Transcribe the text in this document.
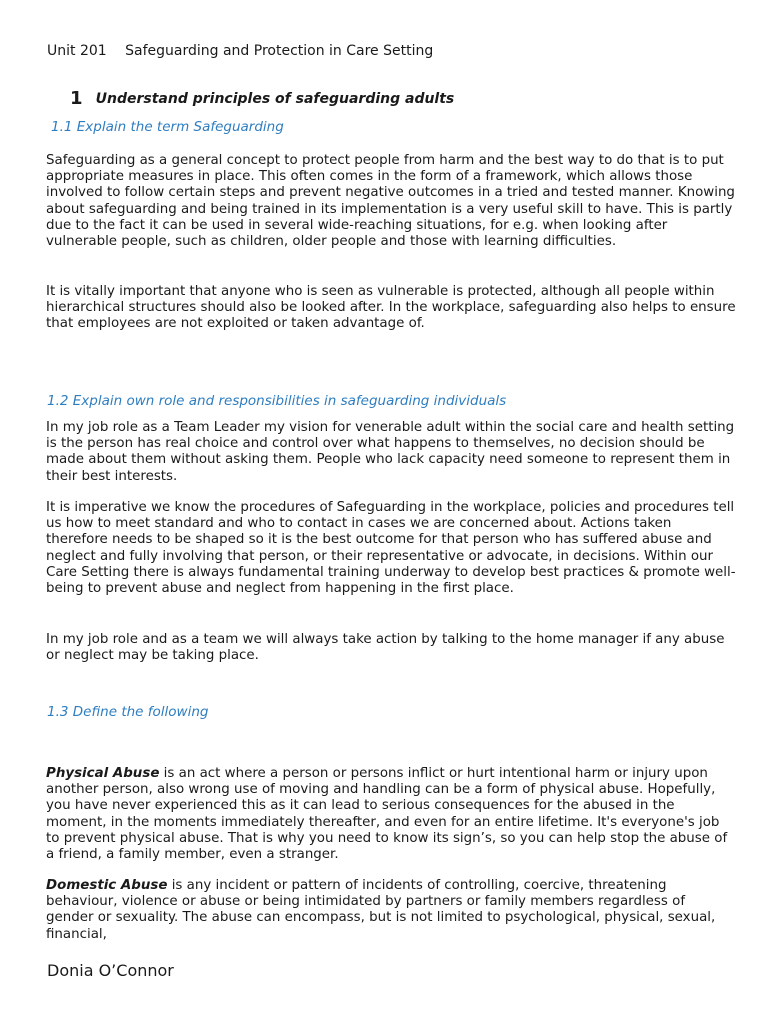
Unit 201 Safeguarding and Protection in Care Setting
1 Understand principles of safeguarding adults
1.1 Explain the term Safeguarding

Safeguarding as a general concept to protect people from harm and the best way to do that is to put appropriate measures in place. This often comes in the form of a framework, which allows those involved to follow certain steps and prevent negative outcomes in a tried and tested manner. Knowing about safeguarding and being trained in its implementation is a very useful skill to have. This is partly due to the fact it can be used in several wide-reaching situations, for e.g. when looking after vulnerable people, such as children, older people and those with learning difficulties.

It is vitally important that anyone who is seen as vulnerable is protected, although all people within hierarchical structures should also be looked after. In the workplace, safeguarding also helps to ensure that employees are not exploited or taken advantage of.

1.2 Explain own role and responsibilities in safeguarding individuals

In my job role as a Team Leader my vision for venerable adult within the social care and health setting is the person has real choice and control over what happens to themselves, no decision should be made about them without asking them. People who lack capacity need someone to represent them in their best interests.

It is imperative we know the procedures of Safeguarding in the workplace, policies and procedures tell us how to meet standard and who to contact in cases we are concerned about. Actions taken therefore needs to be shaped so it is the best outcome for that person who has suffered abuse and neglect and fully involving that person, or their representative or advocate, in decisions. Within our Care Setting there is always fundamental training underway to develop best practices & promote well-being to prevent abuse and neglect from happening in the first place.

In my job role and as a team we will always take action by talking to the home manager if any abuse or neglect may be taking place.

1.3 Define the following

Physical Abuse is an act where a person or persons inflict or hurt intentional harm or injury upon another person, also wrong use of moving and handling can be a form of physical abuse. Hopefully, you have never experienced this as it can lead to serious consequences for the abused in the moment, in the moments immediately thereafter, and even for an entire lifetime. It's everyone's job to prevent physical abuse. That is why you need to know its sign’s, so you can help stop the abuse of a friend, a family member, even a stranger.

Domestic Abuse is any incident or pattern of incidents of controlling, coercive, threatening behaviour, violence or abuse or being intimidated by partners or family members regardless of gender or sexuality. The abuse can encompass, but is not limited to psychological, physical, sexual, financial,

Donia O’Connor
